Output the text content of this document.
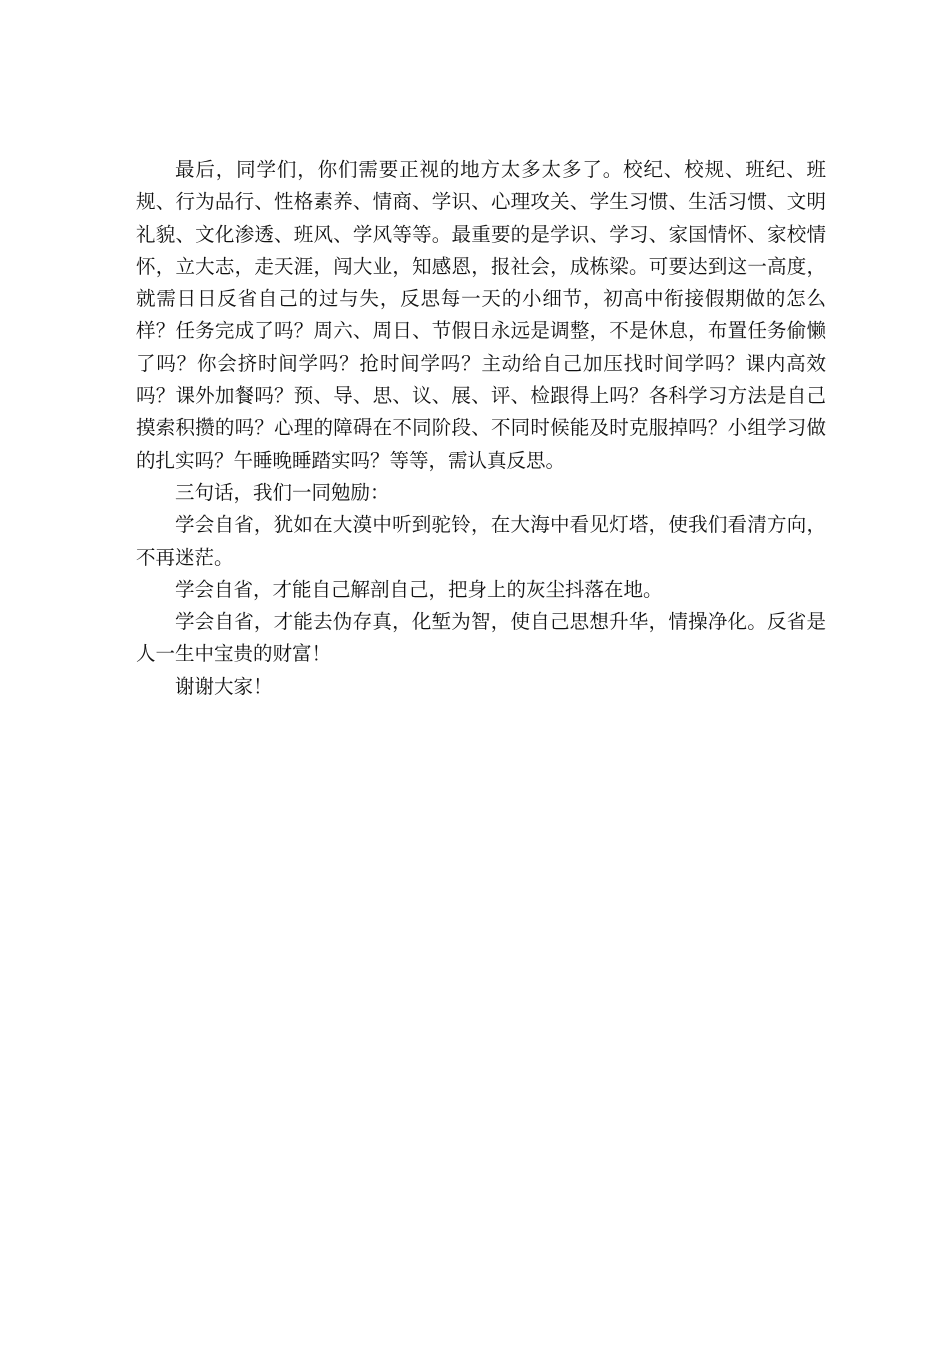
最后，同学们，你们需要正视的地方太多太多了。校纪、校规、班纪、班规、行为品行、性格素养、情商、学识、心理攻关、学生习惯、生活习惯、文明礼貌、文化渗透、班风、学风等等。最重要的是学识、学习、家国情怀、家校情怀，立大志，走天涯，闯大业，知感恩，报社会，成栋梁。可要达到这一高度，就需日日反省自己的过与失，反思每一天的小细节，初高中衔接假期做的怎么样？任务完成了吗？周六、周日、节假日永远是调整，不是休息，布置任务偷懒了吗？你会挤时间学吗？抢时间学吗？主动给自己加压找时间学吗？课内高效吗？课外加餐吗？预、导、思、议、展、评、检跟得上吗？各科学习方法是自己摸索积攒的吗？心理的障碍在不同阶段、不同时候能及时克服掉吗？小组学习做的扎实吗？午睡晚睡踏实吗？等等，需认真反思。

三句话，我们一同勉励：

学会自省，犹如在大漠中听到驼铃，在大海中看见灯塔，使我们看清方向，不再迷茫。

学会自省，才能自己解剖自己，把身上的灰尘抖落在地。

学会自省，才能去伪存真，化堑为智，使自己思想升华，情操净化。反省是人一生中宝贵的财富！

谢谢大家！
